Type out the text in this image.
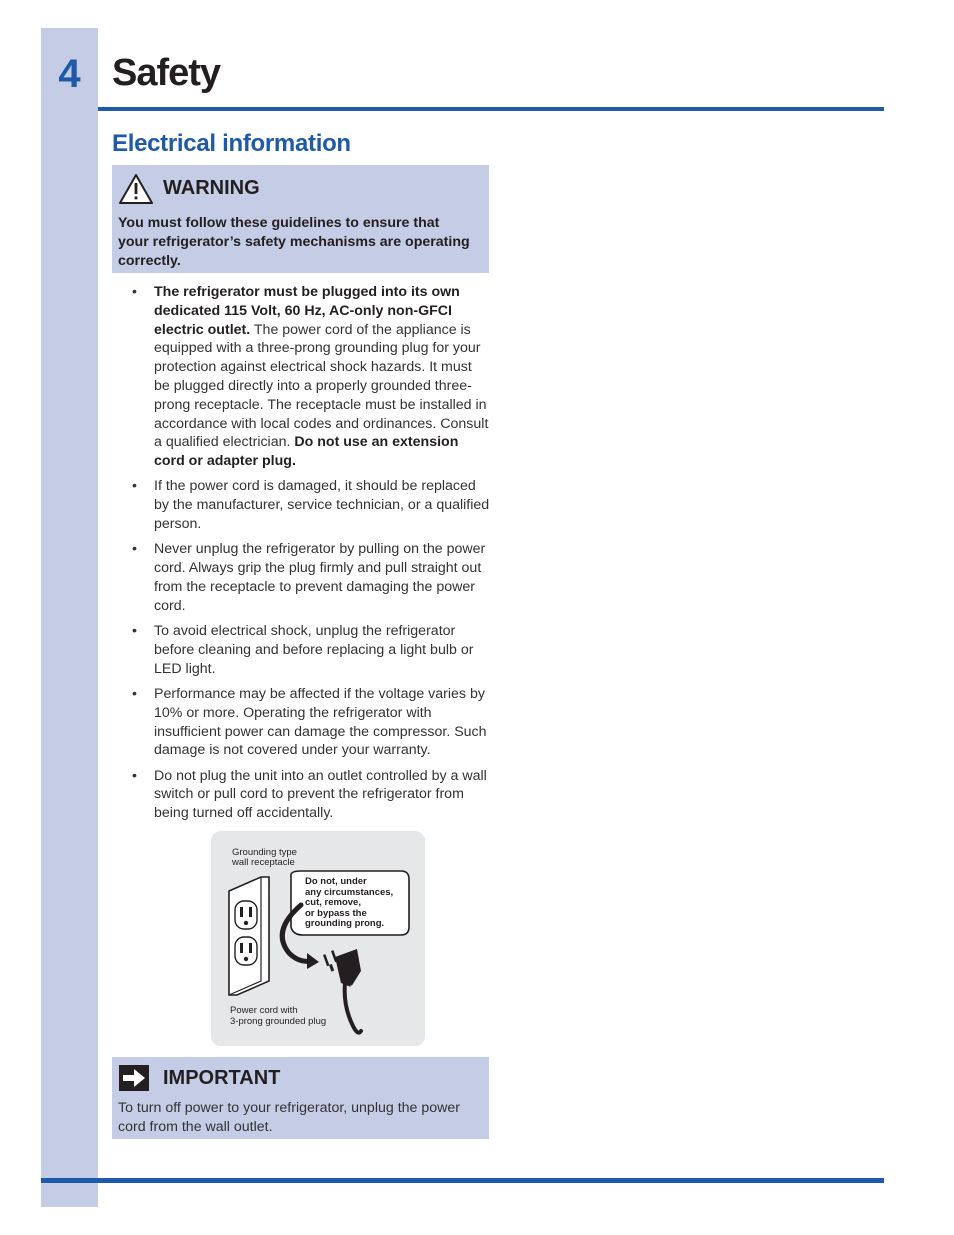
4 Safety
Electrical information
WARNING

You must follow these guidelines to ensure that your refrigerator’s safety mechanisms are operating correctly.

• The refrigerator must be plugged into its own dedicated 115 Volt, 60 Hz, AC-only non-GFCI electric outlet. The power cord of the appliance is equipped with a three-prong grounding plug for your protection against electrical shock hazards. It must be plugged directly into a properly grounded three-prong receptacle. The receptacle must be installed in accordance with local codes and ordinances. Consult a qualified electrician. Do not use an extension cord or adapter plug.
• If the power cord is damaged, it should be replaced by the manufacturer, service technician, or a qualified person.
• Never unplug the refrigerator by pulling on the power cord. Always grip the plug firmly and pull straight out from the receptacle to prevent damaging the power cord.
• To avoid electrical shock, unplug the refrigerator before cleaning and before replacing a light bulb or LED light.
• Performance may be affected if the voltage varies by 10% or more. Operating the refrigerator with insufficient power can damage the compressor. Such damage is not covered under your warranty.
• Do not plug the unit into an outlet controlled by a wall switch or pull cord to prevent the refrigerator from being turned off accidentally.
Grounding type
wall receptacle
Do not, under
any circumstances,
cut, remove,
or bypass the
grounding prong.
Power cord with
3-prong grounded plug
IMPORTANT

To turn off power to your refrigerator, unplug the power cord from the wall outlet.
